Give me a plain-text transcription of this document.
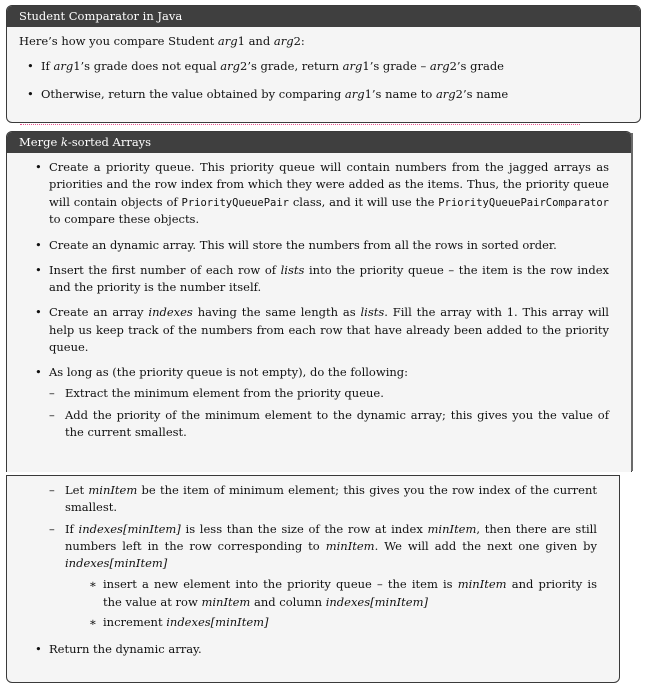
Student Comparator in Java
Here’s how you compare Student arg1 and arg2:
• If arg1’s grade does not equal arg2’s grade, return arg1’s grade – arg2’s grade
• Otherwise, return the value obtained by comparing arg1’s name to arg2’s name
Merge k-sorted Arrays
• Create a priority queue. This priority queue will contain numbers from the jagged arrays as priorities and the row index from which they were added as the items. Thus, the priority queue will contain objects of PriorityQueuePair class, and it will use the PriorityQueuePairComparator to compare these objects.
• Create an dynamic array. This will store the numbers from all the rows in sorted order.
• Insert the first number of each row of lists into the priority queue – the item is the row index and the priority is the number itself.
• Create an array indexes having the same length as lists. Fill the array with 1. This array will help us keep track of the numbers from each row that have already been added to the priority queue.
• As long as (the priority queue is not empty), do the following:
– Extract the minimum element from the priority queue.
– Add the priority of the minimum element to the dynamic array; this gives you the value of the current smallest.
– Let minItem be the item of minimum element; this gives you the row index of the current smallest.
– If indexes[minItem] is less than the size of the row at index minItem, then there are still numbers left in the row corresponding to minItem. We will add the next one given by indexes[minItem]
∗ insert a new element into the priority queue – the item is minItem and priority is the value at row minItem and column indexes[minItem]
∗ increment indexes[minItem]
• Return the dynamic array.
